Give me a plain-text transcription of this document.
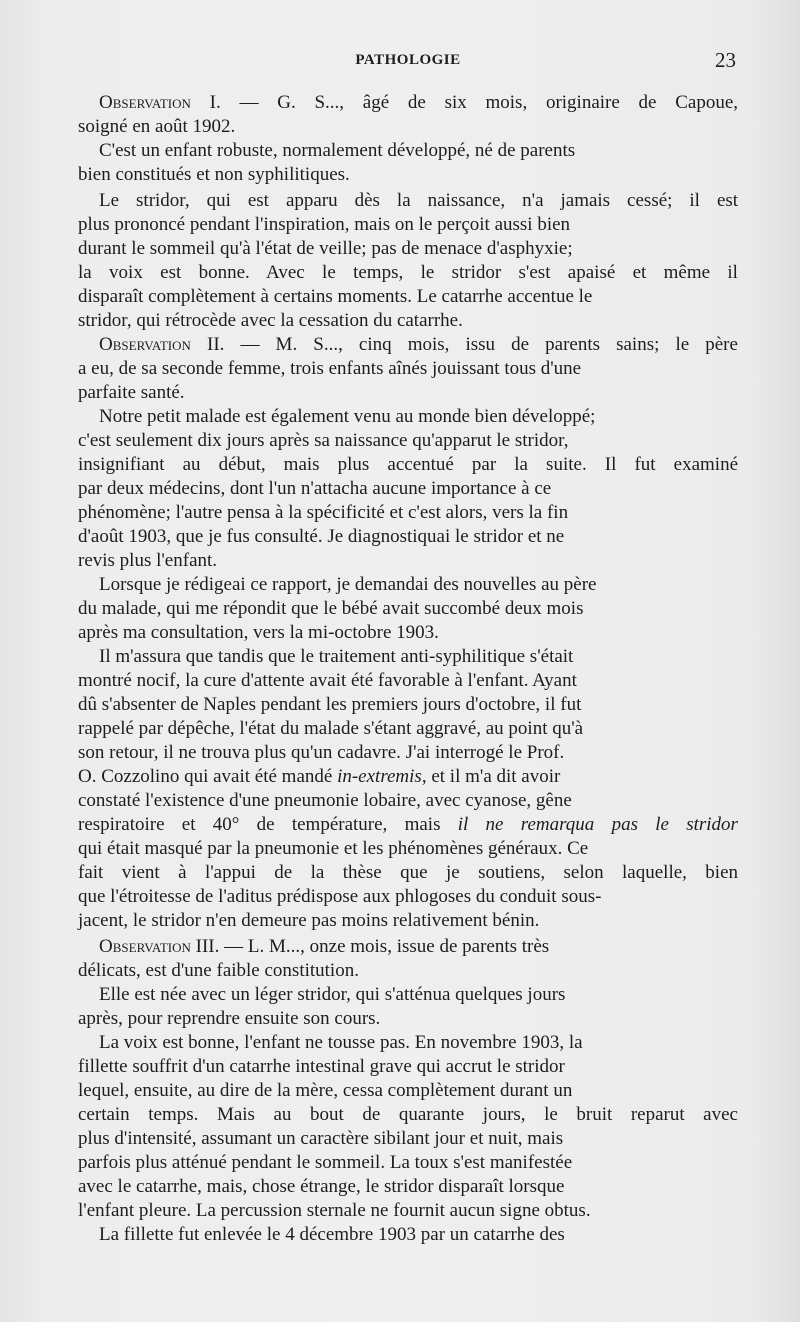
PATHOLOGIE	23
Observation I. — G. S..., âgé de six mois, originaire de Capoue,
soigné en août 1902.
C'est un enfant robuste, normalement développé, né de parents
bien constitués et non syphilitiques.
Le stridor, qui est apparu dès la naissance, n'a jamais cessé; il est
plus prononcé pendant l'inspiration, mais on le perçoit aussi bien
durant le sommeil qu'à l'état de veille; pas de menace d'asphyxie;
la voix est bonne. Avec le temps, le stridor s'est apaisé et même il
disparaît complètement à certains moments. Le catarrhe accentue le
stridor, qui rétrocède avec la cessation du catarrhe.
Observation II. — M. S..., cinq mois, issu de parents sains; le père
a eu, de sa seconde femme, trois enfants aînés jouissant tous d'une
parfaite santé.
Notre petit malade est également venu au monde bien développé;
c'est seulement dix jours après sa naissance qu'apparut le stridor,
insignifiant au début, mais plus accentué par la suite. Il fut examiné
par deux médecins, dont l'un n'attacha aucune importance à ce
phénomène; l'autre pensa à la spécificité et c'est alors, vers la fin
d'août 1903, que je fus consulté. Je diagnostiquai le stridor et ne
revis plus l'enfant.
Lorsque je rédigeai ce rapport, je demandai des nouvelles au père
du malade, qui me répondit que le bébé avait succombé deux mois
après ma consultation, vers la mi-octobre 1903.
Il m'assura que tandis que le traitement anti-syphilitique s'était
montré nocif, la cure d'attente avait été favorable à l'enfant. Ayant
dû s'absenter de Naples pendant les premiers jours d'octobre, il fut
rappelé par dépêche, l'état du malade s'étant aggravé, au point qu'à
son retour, il ne trouva plus qu'un cadavre. J'ai interrogé le Prof.
O. Cozzolino qui avait été mandé in-extremis, et il m'a dit avoir
constaté l'existence d'une pneumonie lobaire, avec cyanose, gêne
respiratoire et 40° de température, mais il ne remarqua pas le stridor
qui était masqué par la pneumonie et les phénomènes généraux. Ce
fait vient à l'appui de la thèse que je soutiens, selon laquelle, bien
que l'étroitesse de l'aditus prédispose aux phlogoses du conduit sous-
jacent, le stridor n'en demeure pas moins relativement bénin.
Observation III. — L. M..., onze mois, issue de parents très
délicats, est d'une faible constitution.
Elle est née avec un léger stridor, qui s'atténua quelques jours
après, pour reprendre ensuite son cours.
La voix est bonne, l'enfant ne tousse pas. En novembre 1903, la
fillette souffrit d'un catarrhe intestinal grave qui accrut le stridor
lequel, ensuite, au dire de la mère, cessa complètement durant un
certain temps. Mais au bout de quarante jours, le bruit reparut avec
plus d'intensité, assumant un caractère sibilant jour et nuit, mais
parfois plus atténué pendant le sommeil. La toux s'est manifestée
avec le catarrhe, mais, chose étrange, le stridor disparaît lorsque
l'enfant pleure. La percussion sternale ne fournit aucun signe obtus.
La fillette fut enlevée le 4 décembre 1903 par un catarrhe des
